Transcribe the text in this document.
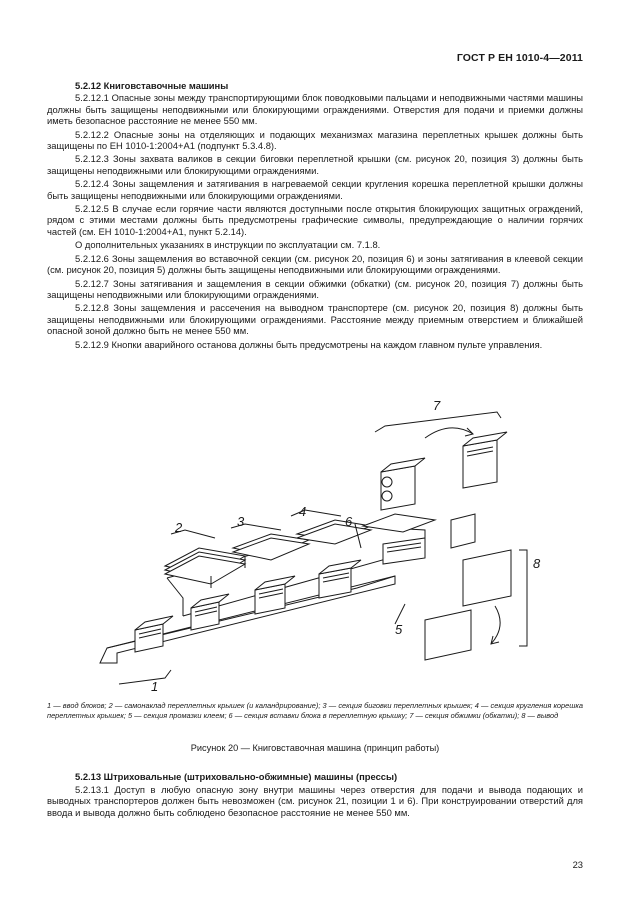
ГОСТ Р ЕН 1010-4—2011
5.2.12 Книговставочные машины
5.2.12.1 Опасные зоны между транспортирующими блок поводковыми пальцами и неподвижными частями машины должны быть защищены неподвижными или блокирующими ограждениями. Отверстия для подачи и приемки должны иметь безопасное расстояние не менее 550 мм.
5.2.12.2 Опасные зоны на отделяющих и подающих механизмах магазина переплетных крышек должны быть защищены по ЕН 1010-1:2004+А1 (подпункт 5.3.4.8).
5.2.12.3 Зоны захвата валиков в секции биговки переплетной крышки (см. рисунок 20, позиция 3) должны быть защищены неподвижными или блокирующими ограждениями.
5.2.12.4 Зоны защемления и затягивания в нагреваемой секции кругления корешка переплетной крышки должны быть защищены неподвижными или блокирующими ограждениями.
5.2.12.5 В случае если горячие части являются доступными после открытия блокирующих защитных ограждений, рядом с этими местами должны быть предусмотрены графические символы, предупреждающие о наличии горячих частей (см. ЕН 1010-1:2004+А1, пункт 5.2.14).
О дополнительных указаниях в инструкции по эксплуатации см. 7.1.8.
5.2.12.6 Зоны защемления во вставочной секции (см. рисунок 20, позиция 6) и зоны затягивания в клеевой секции (см. рисунок 20, позиция 5) должны быть защищены неподвижными или блокирующими ограждениями.
5.2.12.7 Зоны затягивания и защемления в секции обжимки (обкатки) (см. рисунок 20, позиция 7) должны быть защищены неподвижными или блокирующими ограждениями.
5.2.12.8 Зоны защемления и рассечения на выводном транспортере (см. рисунок 20, позиция 8) должны быть защищены неподвижными или блокирующими ограждениями. Расстояние между приемным отверстием и ближайшей опасной зоной должно быть не менее 550 мм.
5.2.12.9 Кнопки аварийного останова должны быть предусмотрены на каждом главном пульте управления.
1
2	3
4
5
6
7
8
1 — ввод блоков; 2 — самонаклад переплетных крышек (и каландрирование); 3 — секция биговки переплетных крышек; 4 — секция кругления корешка переплетных крышек; 5 — секция промазки клеем; 6 — секция вставки блока в переплетную крышку; 7 — секция обжимки (обкатки); 8 — вывод
Рисунок 20 — Книговставочная машина (принцип работы)
5.2.13 Штриховальные (штриховально-обжимные) машины (прессы)
5.2.13.1 Доступ в любую опасную зону внутри машины через отверстия для подачи и вывода подающих и выводных транспортеров должен быть невозможен (см. рисунок 21, позиции 1 и 6). При конструировании отверстий для ввода и вывода должно быть соблюдено безопасное расстояние не менее 550 мм.
23
